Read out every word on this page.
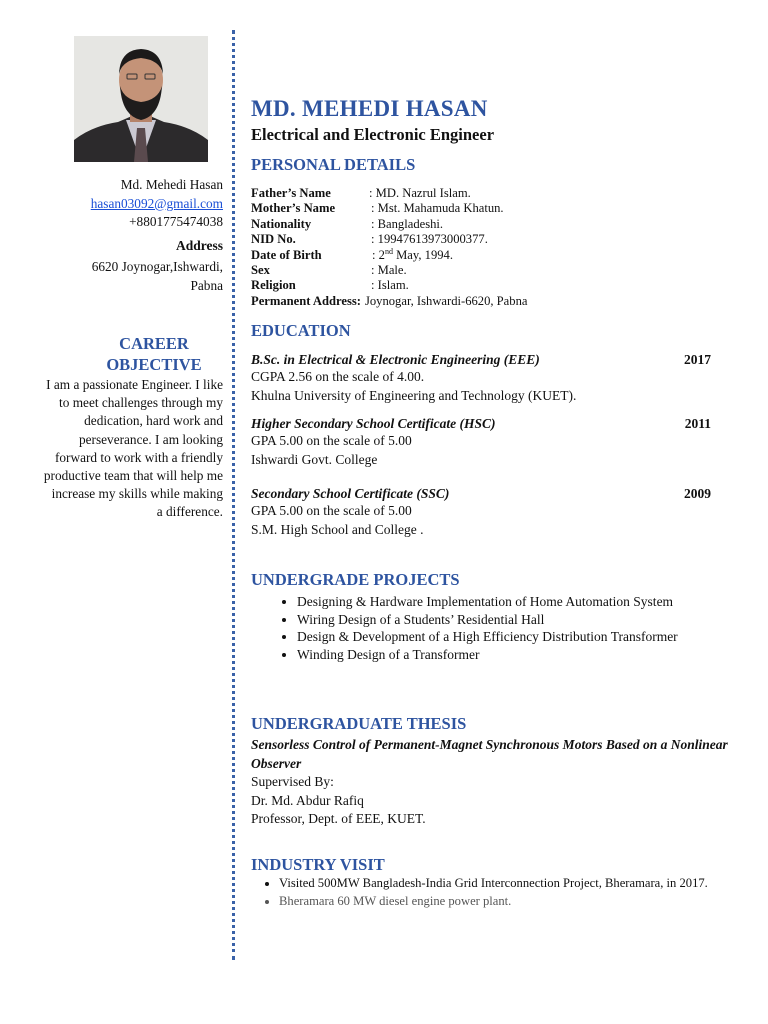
Md. Mehedi Hasan
hasan03092@gmail.com
+8801775474038
Address
6620 Joynogar,Ishwardi,
Pabna
CAREER OBJECTIVE
I am a passionate Engineer. I like to meet challenges through my dedication, hard work and perseverance. I am looking forward to work with a friendly productive team that will help me increase my skills while making a difference.
MD. MEHEDI HASAN
Electrical and Electronic Engineer
PERSONAL DETAILS
Father’s Name	: MD. Nazrul Islam.
Mother’s Name	: Mst. Mahamuda Khatun.
Nationality	: Bangladeshi.
NID No.	: 19947613973000377.
Date of Birth	: 2nd May, 1994.
Sex	: Male.
Religion	: Islam.
Permanent Address: Joynogar, Ishwardi-6620, Pabna
EDUCATION
B.Sc. in Electrical & Electronic Engineering (EEE)	2017
CGPA 2.56 on the scale of 4.00.
Khulna University of Engineering and Technology (KUET).
Higher Secondary School Certificate (HSC)	2011
GPA 5.00 on the scale of 5.00
Ishwardi Govt. College
Secondary School Certificate (SSC)	2009
GPA 5.00 on the scale of 5.00
S.M. High School and College .
UNDERGRADE PROJECTS
• Designing & Hardware Implementation of Home Automation System
• Wiring Design of a Students’ Residential Hall
• Design & Development of a High Efficiency Distribution Transformer
• Winding Design of a Transformer
UNDERGRADUATE THESIS
Sensorless Control of Permanent-Magnet Synchronous Motors Based on a Nonlinear Observer
Supervised By:
Dr. Md. Abdur Rafiq
Professor, Dept. of EEE, KUET.
INDUSTRY VISIT
• Visited 500MW Bangladesh-India Grid Interconnection Project, Bheramara, in 2017.
• Bheramara 60 MW diesel engine power plant.
